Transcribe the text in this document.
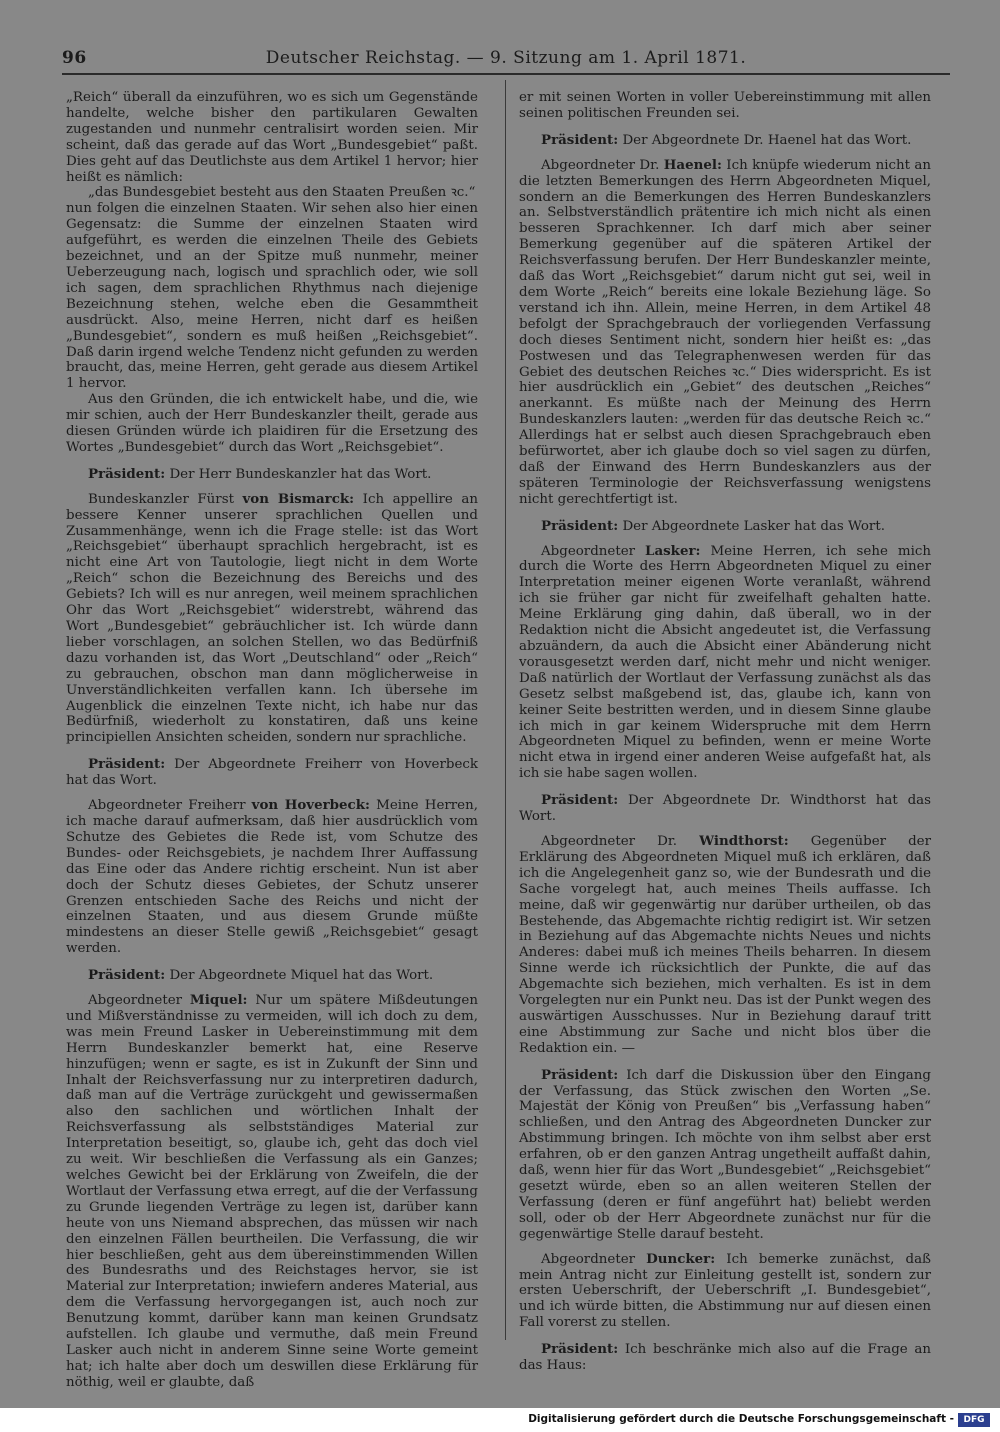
96	Deutscher Reichstag. — 9. Sitzung am 1. April 1871.

„Reich“ überall da einzuführen, wo es sich um Gegenstände handelte, welche bisher den partikularen Gewalten zugestanden und nunmehr centralisirt worden seien. Mir scheint, daß das gerade auf das Wort „Bundesgebiet“ paßt. Dies geht auf das Deutlichste aus dem Artikel 1 hervor; hier heißt es nämlich:

„das Bundesgebiet besteht aus den Staaten Preußen ꝛc.“

nun folgen die einzelnen Staaten. Wir sehen also hier einen Gegensatz: die Summe der einzelnen Staaten wird aufgeführt, es werden die einzelnen Theile des Gebiets bezeichnet, und an der Spitze muß nunmehr, meiner Ueberzeugung nach, logisch und sprachlich oder, wie soll ich sagen, dem sprachlichen Rhythmus nach diejenige Bezeichnung stehen, welche eben die Gesammtheit ausdrückt. Also, meine Herren, nicht darf es heißen „Bundesgebiet“, sondern es muß heißen „Reichsgebiet“. Daß darin irgend welche Tendenz nicht gefunden zu werden braucht, das, meine Herren, geht gerade aus diesem Artikel 1 hervor.

Aus den Gründen, die ich entwickelt habe, und die, wie mir schien, auch der Herr Bundeskanzler theilt, gerade aus diesen Gründen würde ich plaidiren für die Ersetzung des Wortes „Bundesgebiet“ durch das Wort „Reichsgebiet“.

Präsident: Der Herr Bundeskanzler hat das Wort.

Bundeskanzler Fürst von Bismarck: Ich appellire an bessere Kenner unserer sprachlichen Quellen und Zusammenhänge, wenn ich die Frage stelle: ist das Wort „Reichsgebiet“ überhaupt sprachlich hergebracht, ist es nicht eine Art von Tautologie, liegt nicht in dem Worte „Reich“ schon die Bezeichnung des Bereichs und des Gebiets? Ich will es nur anregen, weil meinem sprachlichen Ohr das Wort „Reichsgebiet“ widerstrebt, während das Wort „Bundesgebiet“ gebräuchlicher ist. Ich würde dann lieber vorschlagen, an solchen Stellen, wo das Bedürfniß dazu vorhanden ist, das Wort „Deutschland“ oder „Reich“ zu gebrauchen, obschon man dann möglicherweise in Unverständlichkeiten verfallen kann. Ich übersehe im Augenblick die einzelnen Texte nicht, ich habe nur das Bedürfniß, wiederholt zu konstatiren, daß uns keine principiellen Ansichten scheiden, sondern nur sprachliche.

Präsident: Der Abgeordnete Freiherr von Hoverbeck hat das Wort.

Abgeordneter Freiherr von Hoverbeck: Meine Herren, ich mache darauf aufmerksam, daß hier ausdrücklich vom Schutze des Gebietes die Rede ist, vom Schutze des Bundes- oder Reichsgebiets, je nachdem Ihrer Auffassung das Eine oder das Andere richtig erscheint. Nun ist aber doch der Schutz dieses Gebietes, der Schutz unserer Grenzen entschieden Sache des Reichs und nicht der einzelnen Staaten, und aus diesem Grunde müßte mindestens an dieser Stelle gewiß „Reichsgebiet“ gesagt werden.

Präsident: Der Abgeordnete Miquel hat das Wort.

Abgeordneter Miquel: Nur um spätere Mißdeutungen und Mißverständnisse zu vermeiden, will ich doch zu dem, was mein Freund Lasker in Uebereinstimmung mit dem Herrn Bundeskanzler bemerkt hat, eine Reserve hinzufügen; wenn er sagte, es ist in Zukunft der Sinn und Inhalt der Reichsverfassung nur zu interpretiren dadurch, daß man auf die Verträge zurückgeht und gewissermaßen also den sachlichen und wörtlichen Inhalt der Reichsverfassung als selbstständiges Material zur Interpretation beseitigt, so, glaube ich, geht das doch viel zu weit. Wir beschließen die Verfassung als ein Ganzes; welches Gewicht bei der Erklärung von Zweifeln, die der Wortlaut der Verfassung etwa erregt, auf die der Verfassung zu Grunde liegenden Verträge zu legen ist, darüber kann heute von uns Niemand absprechen, das müssen wir nach den einzelnen Fällen beurtheilen. Die Verfassung, die wir hier beschließen, geht aus dem übereinstimmenden Willen des Bundesraths und des Reichstages hervor, sie ist Material zur Interpretation; inwiefern anderes Material, aus dem die Verfassung hervorgegangen ist, auch noch zur Benutzung kommt, darüber kann man keinen Grundsatz aufstellen. Ich glaube und vermuthe, daß mein Freund Lasker auch nicht in anderem Sinne seine Worte gemeint hat; ich halte aber doch um deswillen diese Erklärung für nöthig, weil er glaubte, daß

er mit seinen Worten in voller Uebereinstimmung mit allen seinen politischen Freunden sei.

Präsident: Der Abgeordnete Dr. Haenel hat das Wort.

Abgeordneter Dr. Haenel: Ich knüpfe wiederum nicht an die letzten Bemerkungen des Herrn Abgeordneten Miquel, sondern an die Bemerkungen des Herren Bundeskanzlers an. Selbstverständlich prätentire ich mich nicht als einen besseren Sprachkenner. Ich darf mich aber seiner Bemerkung gegenüber auf die späteren Artikel der Reichsverfassung berufen. Der Herr Bundeskanzler meinte, daß das Wort „Reichsgebiet“ darum nicht gut sei, weil in dem Worte „Reich“ bereits eine lokale Beziehung läge. So verstand ich ihn. Allein, meine Herren, in dem Artikel 48 befolgt der Sprachgebrauch der vorliegenden Verfassung doch dieses Sentiment nicht, sondern hier heißt es: „das Postwesen und das Telegraphenwesen werden für das Gebiet des deutschen Reiches ꝛc.“ Dies widerspricht. Es ist hier ausdrücklich ein „Gebiet“ des deutschen „Reiches“ anerkannt. Es müßte nach der Meinung des Herrn Bundeskanzlers lauten: „werden für das deutsche Reich ꝛc.“ Allerdings hat er selbst auch diesen Sprachgebrauch eben befürwortet, aber ich glaube doch so viel sagen zu dürfen, daß der Einwand des Herrn Bundeskanzlers aus der späteren Terminologie der Reichsverfassung wenigstens nicht gerechtfertigt ist.

Präsident: Der Abgeordnete Lasker hat das Wort.

Abgeordneter Lasker: Meine Herren, ich sehe mich durch die Worte des Herrn Abgeordneten Miquel zu einer Interpretation meiner eigenen Worte veranlaßt, während ich sie früher gar nicht für zweifelhaft gehalten hatte. Meine Erklärung ging dahin, daß überall, wo in der Redaktion nicht die Absicht angedeutet ist, die Verfassung abzuändern, da auch die Absicht einer Abänderung nicht vorausgesetzt werden darf, nicht mehr und nicht weniger. Daß natürlich der Wortlaut der Verfassung zunächst als das Gesetz selbst maßgebend ist, das, glaube ich, kann von keiner Seite bestritten werden, und in diesem Sinne glaube ich mich in gar keinem Widerspruche mit dem Herrn Abgeordneten Miquel zu befinden, wenn er meine Worte nicht etwa in irgend einer anderen Weise aufgefaßt hat, als ich sie habe sagen wollen.

Präsident: Der Abgeordnete Dr. Windthorst hat das Wort.

Abgeordneter Dr. Windthorst: Gegenüber der Erklärung des Abgeordneten Miquel muß ich erklären, daß ich die Angelegenheit ganz so, wie der Bundesrath und die Sache vorgelegt hat, auch meines Theils auffasse. Ich meine, daß wir gegenwärtig nur darüber urtheilen, ob das Bestehende, das Abgemachte richtig redigirt ist. Wir setzen in Beziehung auf das Abgemachte nichts Neues und nichts Anderes: dabei muß ich meines Theils beharren. In diesem Sinne werde ich rücksichtlich der Punkte, die auf das Abgemachte sich beziehen, mich verhalten. Es ist in dem Vorgelegten nur ein Punkt neu. Das ist der Punkt wegen des auswärtigen Ausschusses. Nur in Beziehung darauf tritt eine Abstimmung zur Sache und nicht blos über die Redaktion ein. —

Präsident: Ich darf die Diskussion über den Eingang der Verfassung, das Stück zwischen den Worten „Se. Majestät der König von Preußen“ bis „Verfassung haben“ schließen, und den Antrag des Abgeordneten Duncker zur Abstimmung bringen. Ich möchte von ihm selbst aber erst erfahren, ob er den ganzen Antrag ungetheilt auffaßt dahin, daß, wenn hier für das Wort „Bundesgebiet“ „Reichsgebiet“ gesetzt würde, eben so an allen weiteren Stellen der Verfassung (deren er fünf angeführt hat) beliebt werden soll, oder ob der Herr Abgeordnete zunächst nur für die gegenwärtige Stelle darauf besteht.

Abgeordneter Duncker: Ich bemerke zunächst, daß mein Antrag nicht zur Einleitung gestellt ist, sondern zur ersten Ueberschrift, der Ueberschrift „I. Bundesgebiet“, und ich würde bitten, die Abstimmung nur auf diesen einen Fall vorerst zu stellen.

Präsident: Ich beschränke mich also auf die Frage an das Haus:

Digitalisierung gefördert durch die Deutsche Forschungsgemeinschaft -	DFG
